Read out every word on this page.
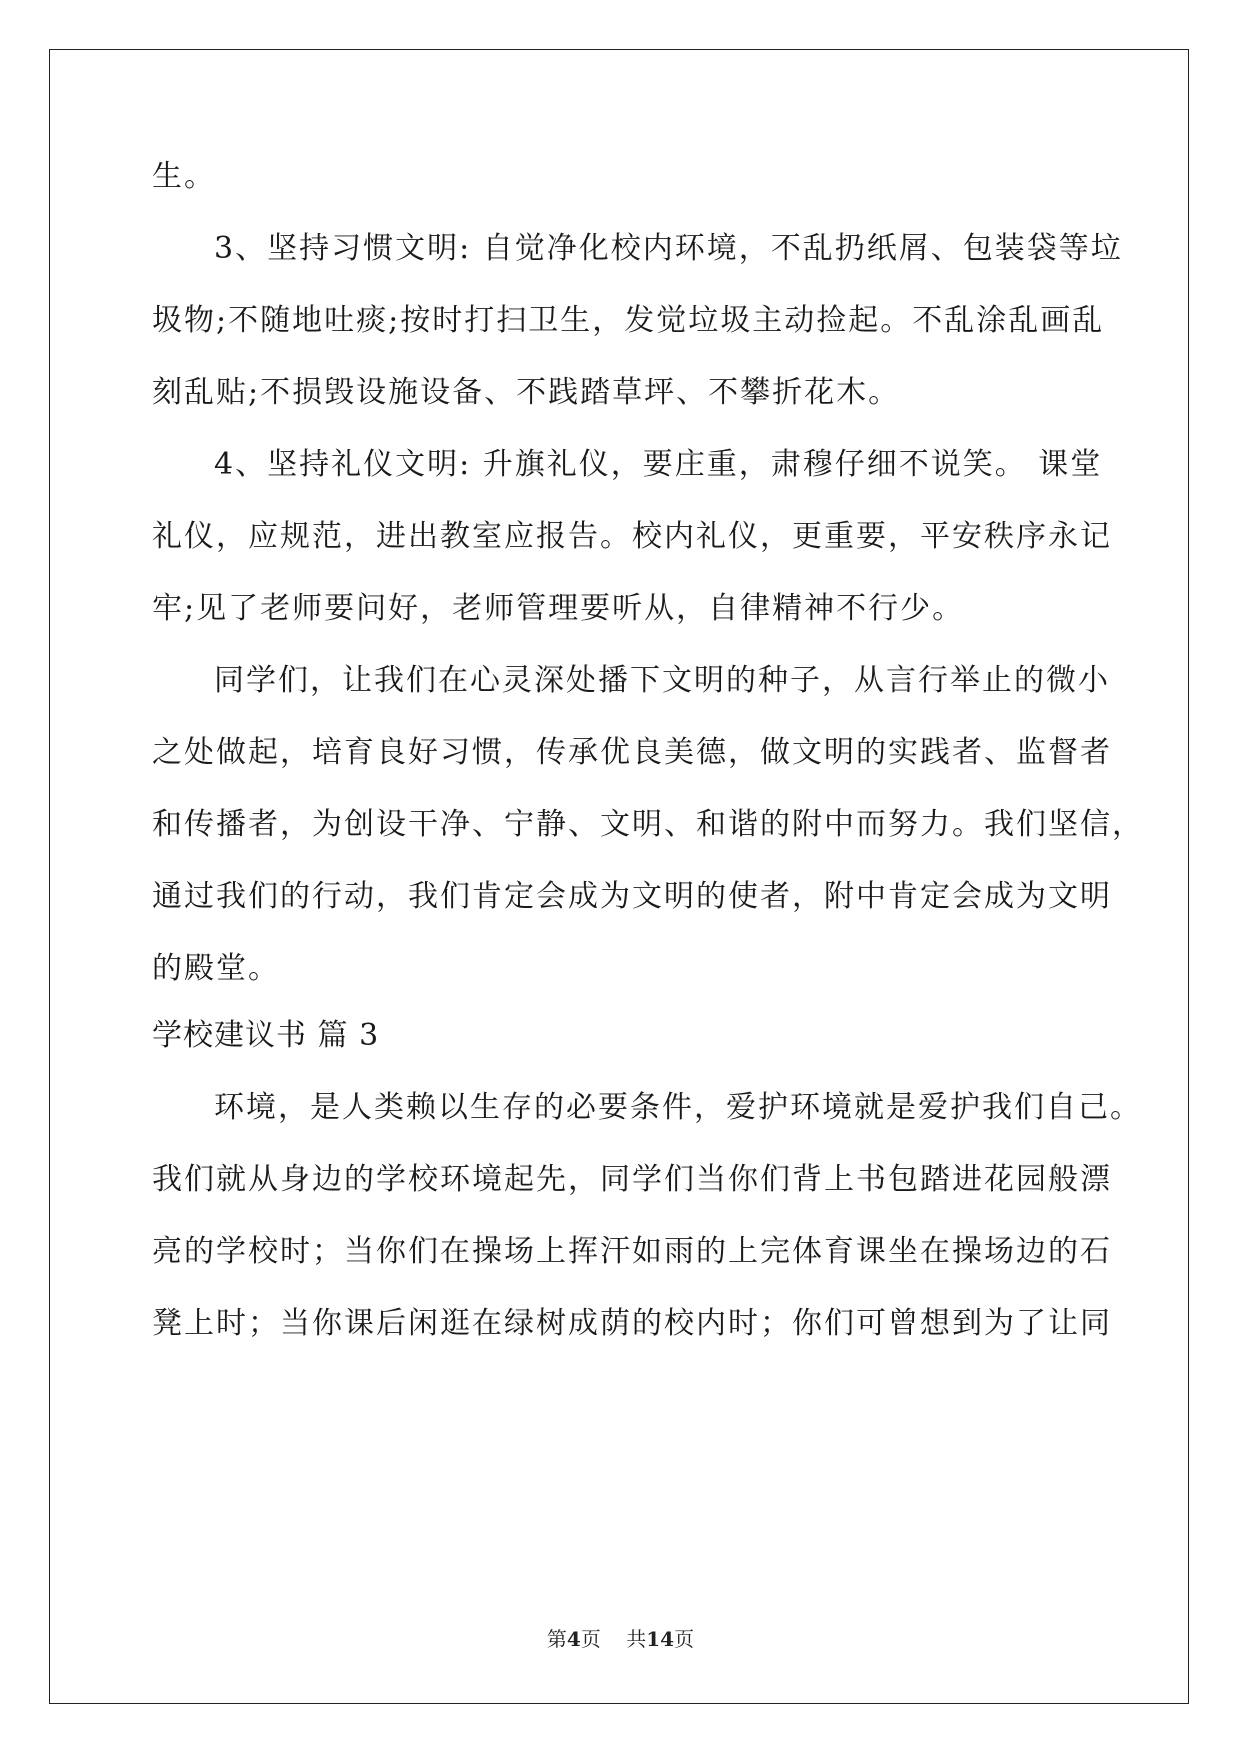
生。
3、坚持习惯文明: 自觉净化校内环境，不乱扔纸屑、包装袋等垃
圾物;不随地吐痰;按时打扫卫生，发觉垃圾主动捡起。不乱涂乱画乱
刻乱贴;不损毁设施设备、不践踏草坪、不攀折花木。
4、坚持礼仪文明: 升旗礼仪，要庄重，肃穆仔细不说笑。 课堂
礼仪，应规范，进出教室应报告。校内礼仪，更重要，平安秩序永记
牢;见了老师要问好，老师管理要听从，自律精神不行少。
同学们，让我们在心灵深处播下文明的种子，从言行举止的微小
之处做起，培育良好习惯，传承优良美德，做文明的实践者、监督者
和传播者，为创设干净、宁静、文明、和谐的附中而努力。我们坚信，
通过我们的行动，我们肯定会成为文明的使者，附中肯定会成为文明
的殿堂。
学校建议书 篇 3
环境，是人类赖以生存的必要条件，爱护环境就是爱护我们自己。
我们就从身边的学校环境起先，同学们当你们背上书包踏进花园般漂
亮的学校时；当你们在操场上挥汗如雨的上完体育课坐在操场边的石
凳上时；当你课后闲逛在绿树成荫的校内时；你们可曾想到为了让同
第4页 共14页
